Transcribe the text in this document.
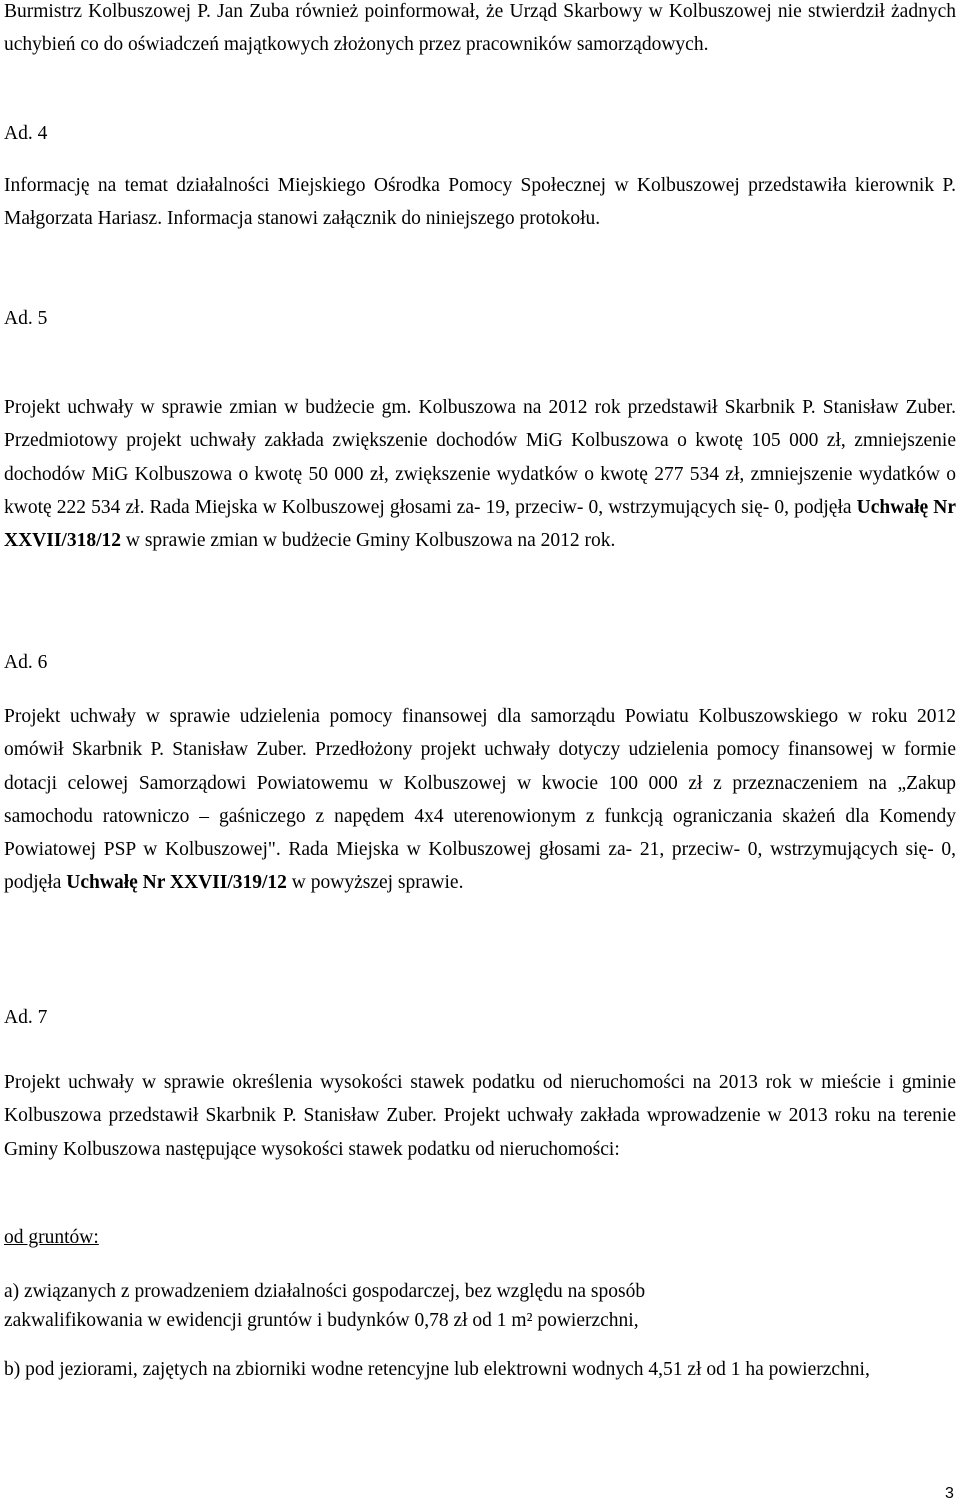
Burmistrz Kolbuszowej P. Jan Zuba również poinformował, że Urząd Skarbowy w Kolbuszowej nie stwierdził żadnych uchybień co do oświadczeń majątkowych złożonych przez pracowników samorządowych.

Ad. 4

Informację na temat działalności Miejskiego Ośrodka Pomocy Społecznej w Kolbuszowej przedstawiła kierownik P. Małgorzata Hariasz. Informacja stanowi załącznik do niniejszego protokołu.

Ad. 5

Projekt uchwały w sprawie zmian w budżecie gm. Kolbuszowa na 2012 rok przedstawił Skarbnik P. Stanisław Zuber. Przedmiotowy projekt uchwały zakłada zwiększenie dochodów MiG Kolbuszowa o kwotę 105 000 zł, zmniejszenie dochodów MiG Kolbuszowa o kwotę 50 000 zł, zwiększenie wydatków o kwotę 277 534 zł, zmniejszenie wydatków o kwotę 222 534 zł. Rada Miejska w Kolbuszowej głosami za- 19, przeciw- 0, wstrzymujących się- 0, podjęła Uchwałę Nr XXVII/318/12 w sprawie zmian w budżecie Gminy Kolbuszowa na 2012 rok.

Ad. 6

Projekt uchwały w sprawie udzielenia pomocy finansowej dla samorządu Powiatu Kolbuszowskiego w roku 2012 omówił Skarbnik P. Stanisław Zuber. Przedłożony projekt uchwały dotyczy udzielenia pomocy finansowej w formie dotacji celowej Samorządowi Powiatowemu w Kolbuszowej w kwocie 100 000 zł z przeznaczeniem na „Zakup samochodu ratowniczo – gaśniczego z napędem 4x4 uterenowionym z funkcją ograniczania skażeń dla Komendy Powiatowej PSP w Kolbuszowej". Rada Miejska w Kolbuszowej głosami za- 21, przeciw- 0, wstrzymujących się- 0, podjęła Uchwałę Nr XXVII/319/12 w powyższej sprawie.

Ad. 7

Projekt uchwały w sprawie określenia wysokości stawek podatku od nieruchomości na 2013 rok w mieście i gminie Kolbuszowa przedstawił Skarbnik P. Stanisław Zuber. Projekt uchwały zakłada wprowadzenie w 2013 roku na terenie Gminy Kolbuszowa następujące wysokości stawek podatku od nieruchomości:

od gruntów:

a) związanych z prowadzeniem działalności gospodarczej, bez względu na sposób

zakwalifikowania w ewidencji gruntów i budynków 0,78 zł od 1 m² powierzchni,

b) pod jeziorami, zajętych na zbiorniki wodne retencyjne lub elektrowni wodnych 4,51 zł od 1 ha powierzchni,

3
